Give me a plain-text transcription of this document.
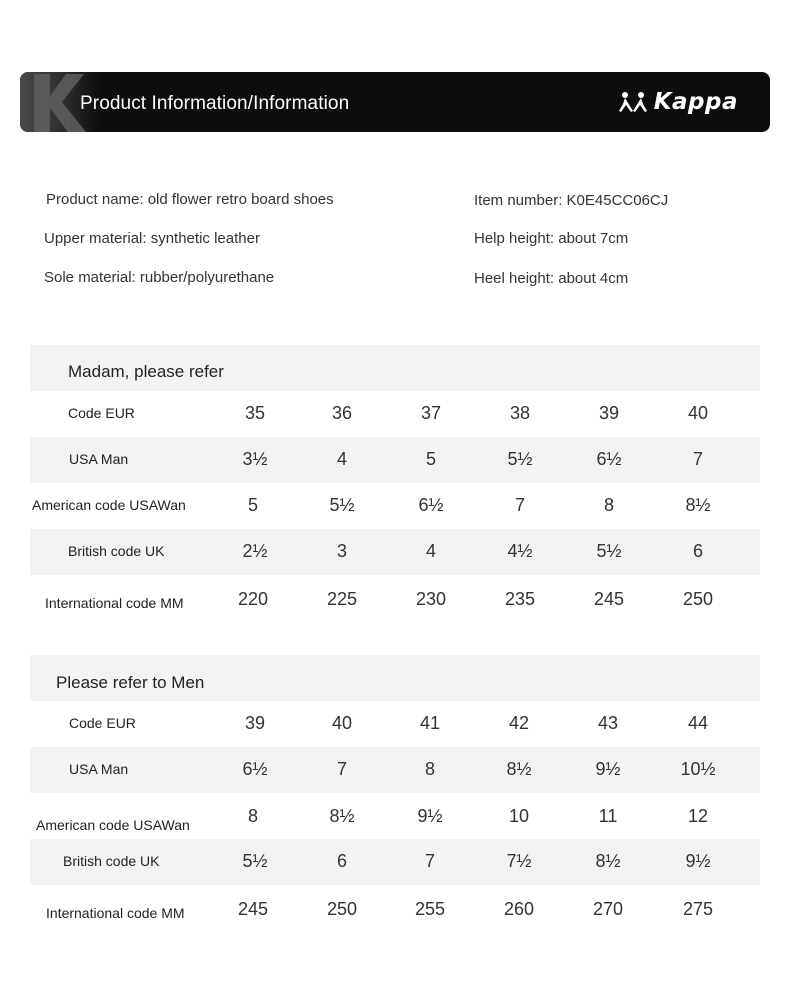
Product Information/Information	Kappa
Product name: old flower retro board shoes	Item number: K0E45CC06CJ
Upper material: synthetic leather	Help height: about 7cm
Sole material: rubber/polyurethane	Heel height: about 4cm
Madam, please refer
Code EUR	35	36	37	38	39	40
USA Man	3½	4	5	5½	6½	7
American code USAWan	5	5½	6½	7	8	8½
British code UK	2½	3	4	4½	5½	6
International code MM	220	225	230	235	245	250
Please refer to Men
Code EUR	39	40	41	42	43	44
USA Man	6½	7	8	8½	9½	10½
American code USAWan	8	8½	9½	10	11	12
British code UK	5½	6	7	7½	8½	9½
International code MM	245	250	255	260	270	275
